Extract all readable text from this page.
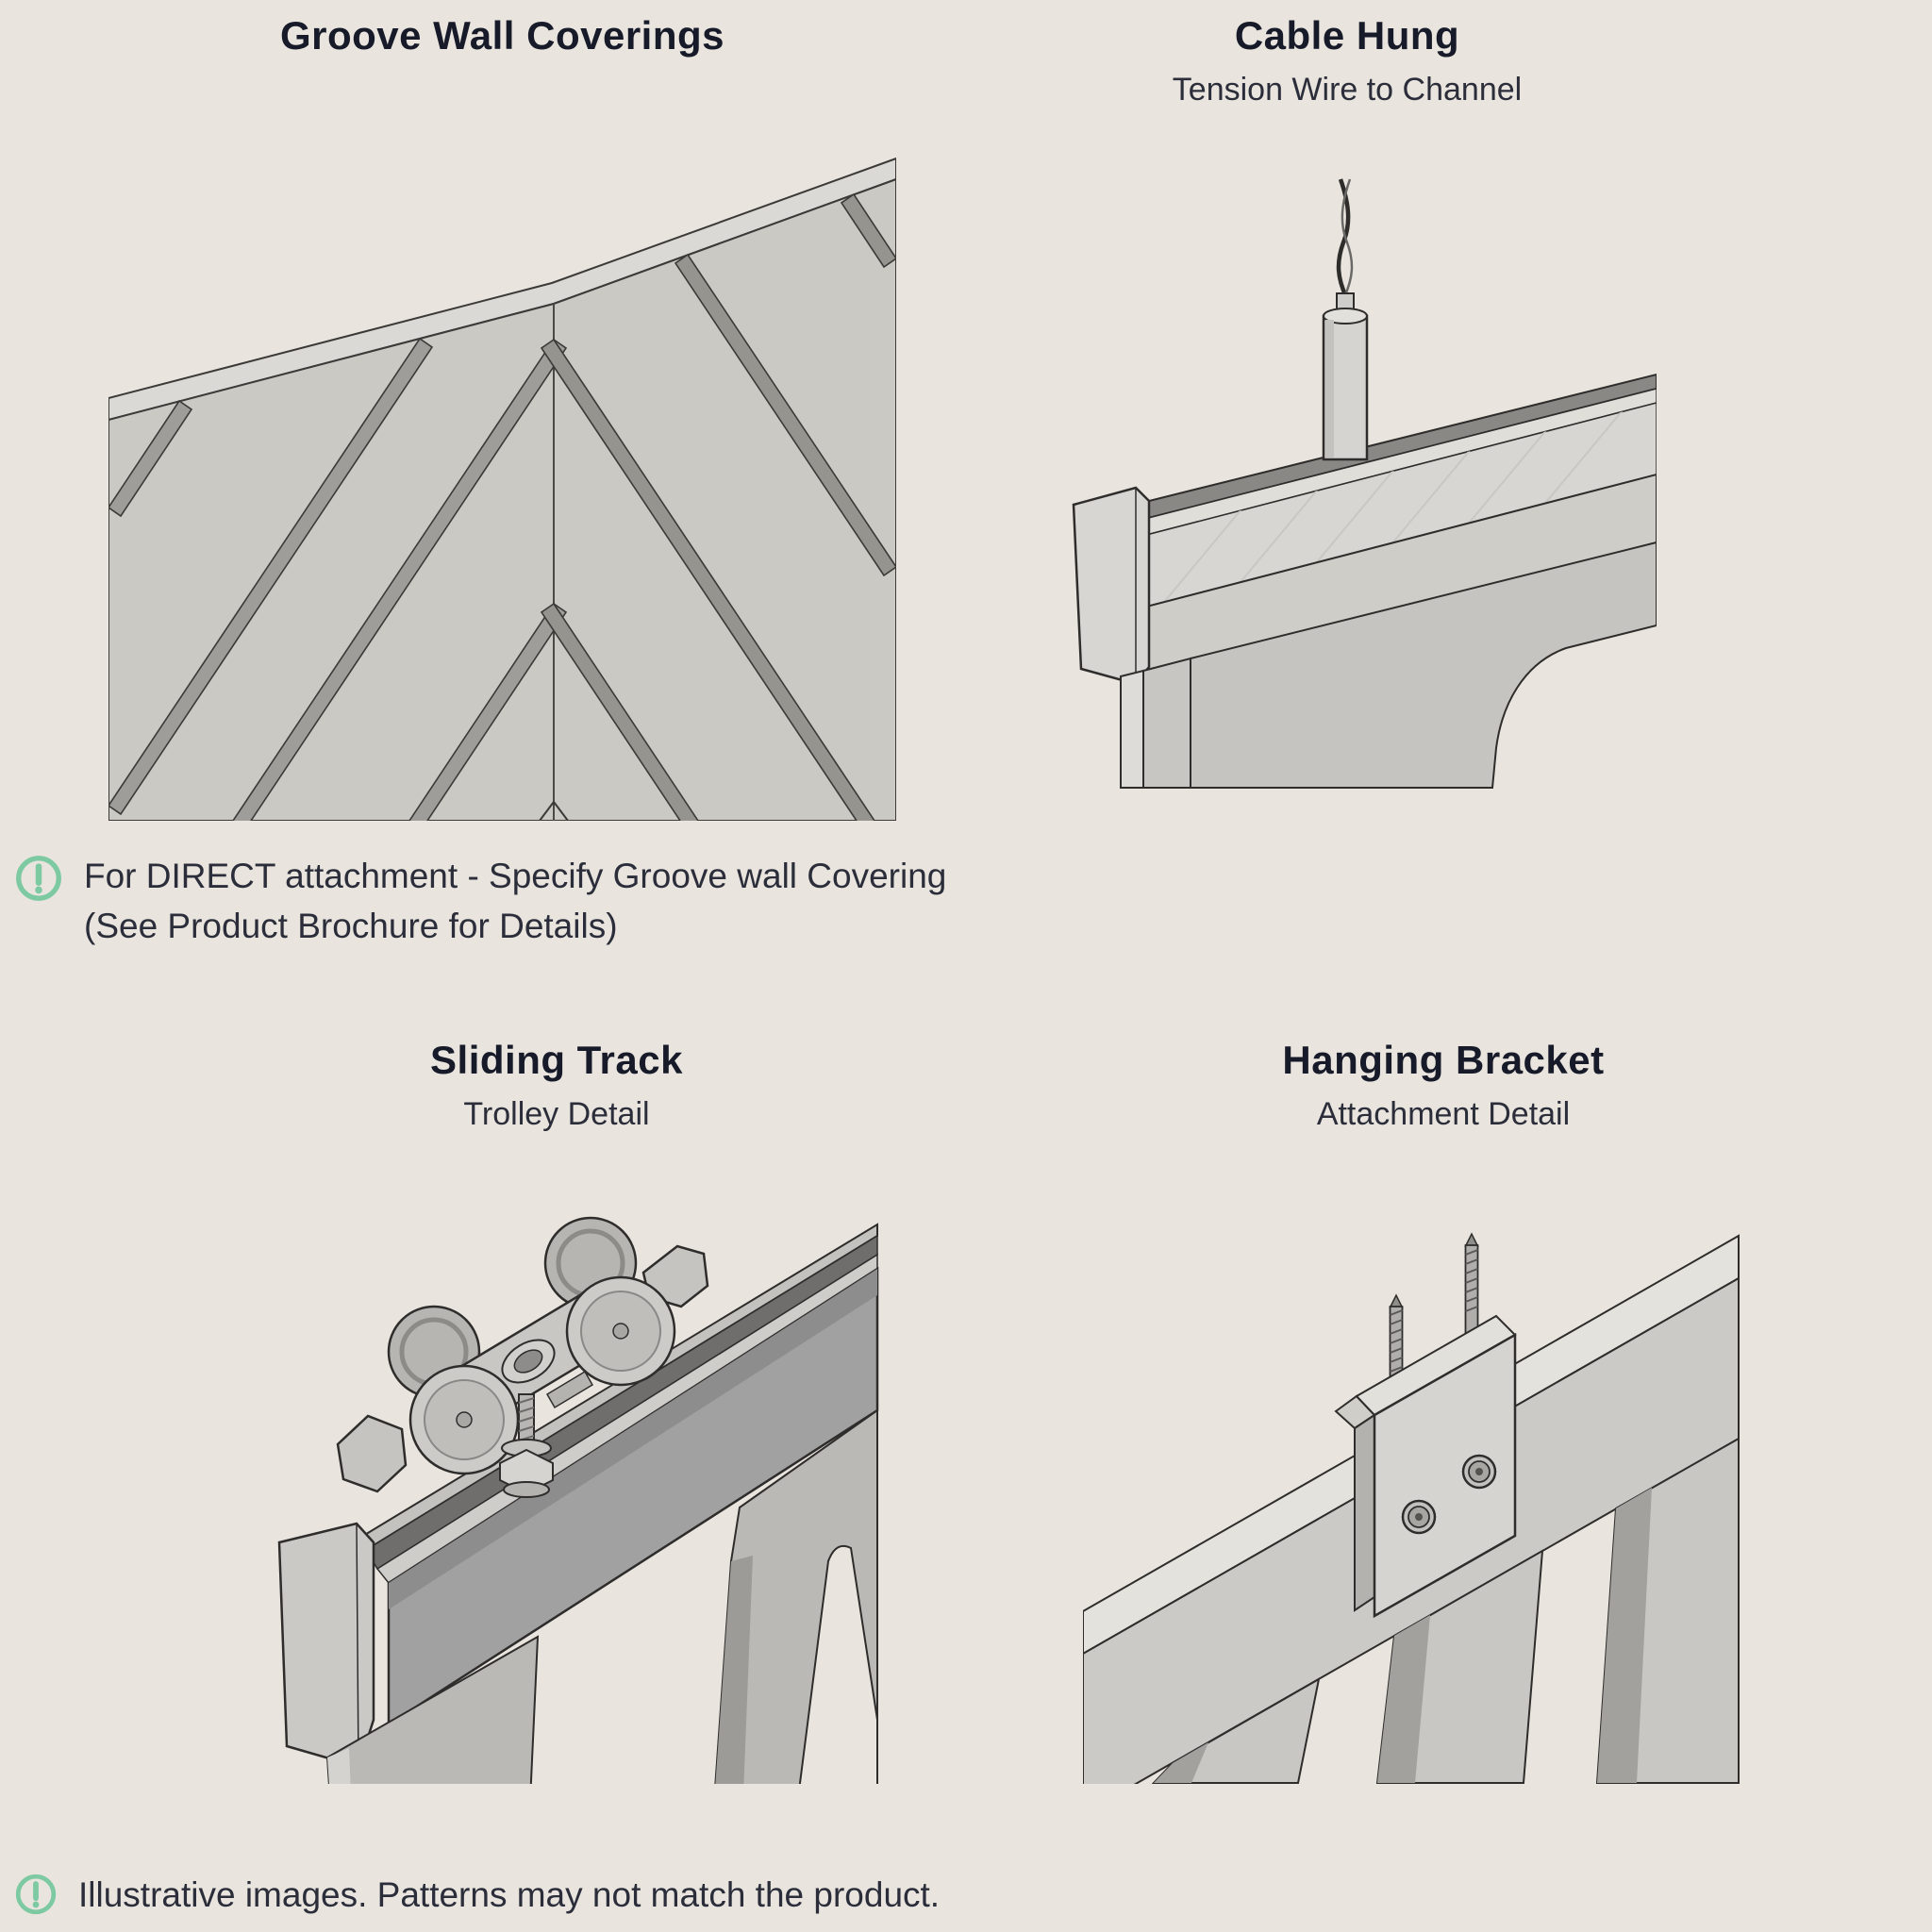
Groove Wall Coverings	Cable Hung
Tension Wire to Channel
Sliding Track
Trolley Detail
Hanging Bracket
Attachment Detail
For DIRECT attachment - Specify Groove wall Covering
(See Product Brochure for Details)
Illustrative images. Patterns may not match the product.
